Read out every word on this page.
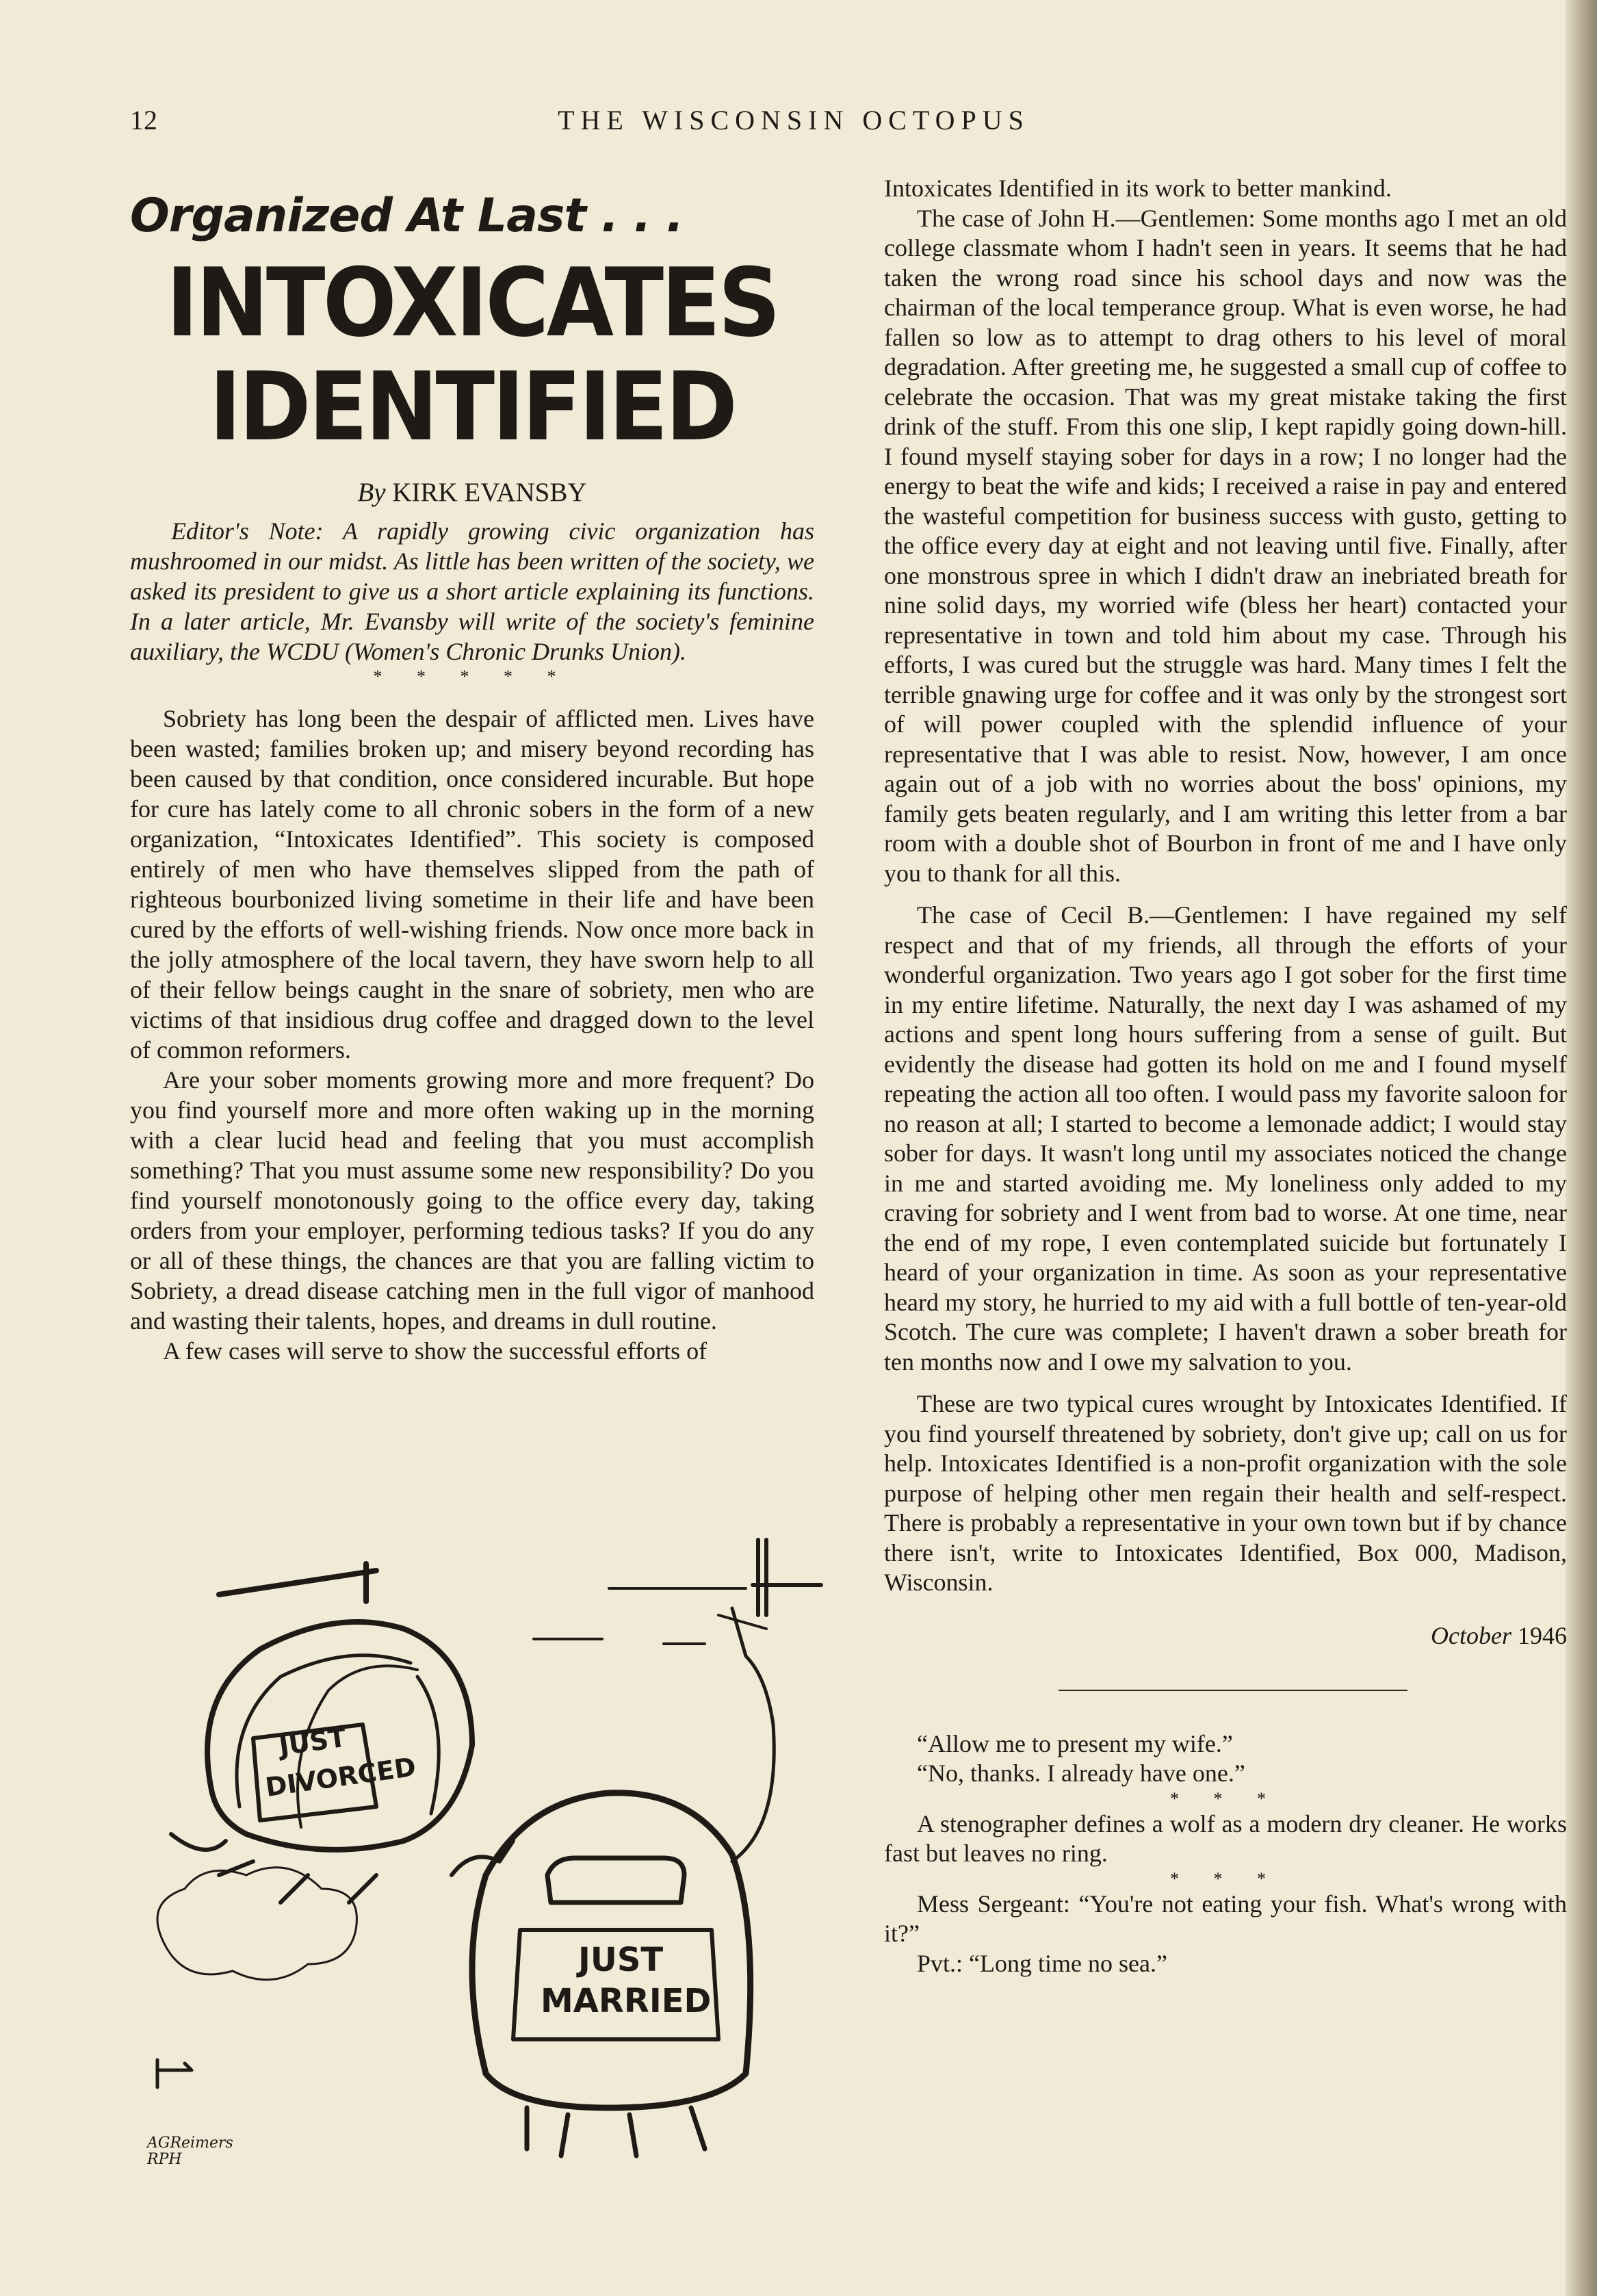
12	THE WISCONSIN OCTOPUS
Organized At Last . . .
INTOXICATES
IDENTIFIED
By KIRK EVANSBY

Editor's Note: A rapidly growing civic organization has mushroomed in our midst. As little has been written of the society, we asked its president to give us a short article explaining its functions. In a later article, Mr. Evansby will write of the society's feminine auxiliary, the WCDU (Women's Chronic Drunks Union).

* * * * *

Sobriety has long been the despair of afflicted men. Lives have been wasted; families broken up; and misery beyond recording has been caused by that condition, once considered incurable. But hope for cure has lately come to all chronic sobers in the form of a new organization, “Intoxicates Identified”. This society is composed entirely of men who have themselves slipped from the path of righteous bourbonized living sometime in their life and have been cured by the efforts of well-wishing friends. Now once more back in the jolly atmosphere of the local tavern, they have sworn help to all of their fellow beings caught in the snare of sobriety, men who are victims of that insidious drug coffee and dragged down to the level of common reformers.

Are your sober moments growing more and more frequent? Do you find yourself more and more often waking up in the morning with a clear lucid head and feeling that you must accomplish something? That you must assume some new responsibility? Do you find yourself monotonously going to the office every day, taking orders from your employer, performing tedious tasks? If you do any or all of these things, the chances are that you are falling victim to Sobriety, a dread disease catching men in the full vigor of manhood and wasting their talents, hopes, and dreams in dull routine.

A few cases will serve to show the successful efforts of

JUST
DIVORCED
JUST
MARRIED
AGReimers
RPH

Intoxicates Identified in its work to better mankind.

The case of John H.—Gentlemen: Some months ago I met an old college classmate whom I hadn't seen in years. It seems that he had taken the wrong road since his school days and now was the chairman of the local temperance group. What is even worse, he had fallen so low as to attempt to drag others to his level of moral degradation. After greeting me, he suggested a small cup of coffee to celebrate the occasion. That was my great mistake taking the first drink of the stuff. From this one slip, I kept rapidly going down-hill. I found myself staying sober for days in a row; I no longer had the energy to beat the wife and kids; I received a raise in pay and entered the wasteful competition for business success with gusto, getting to the office every day at eight and not leaving until five. Finally, after one monstrous spree in which I didn't draw an inebriated breath for nine solid days, my worried wife (bless her heart) contacted your representative in town and told him about my case. Through his efforts, I was cured but the struggle was hard. Many times I felt the terrible gnawing urge for coffee and it was only by the strongest sort of will power coupled with the splendid influence of your representative that I was able to resist. Now, however, I am once again out of a job with no worries about the boss' opinions, my family gets beaten regularly, and I am writing this letter from a bar room with a double shot of Bourbon in front of me and I have only you to thank for all this.

The case of Cecil B.—Gentlemen: I have regained my self respect and that of my friends, all through the efforts of your wonderful organization. Two years ago I got sober for the first time in my entire lifetime. Naturally, the next day I was ashamed of my actions and spent long hours suffering from a sense of guilt. But evidently the disease had gotten its hold on me and I found myself repeating the action all too often. I would pass my favorite saloon for no reason at all; I started to become a lemonade addict; I would stay sober for days. It wasn't long until my associates noticed the change in me and started avoiding me. My loneliness only added to my craving for sobriety and I went from bad to worse. At one time, near the end of my rope, I even contemplated suicide but fortunately I heard of your organization in time. As soon as your representative heard my story, he hurried to my aid with a full bottle of ten-year-old Scotch. The cure was complete; I haven't drawn a sober breath for ten months now and I owe my salvation to you.

These are two typical cures wrought by Intoxicates Identified. If you find yourself threatened by sobriety, don't give up; call on us for help. Intoxicates Identified is a non-profit organization with the sole purpose of helping other men regain their health and self-respect. There is probably a representative in your own town but if by chance there isn't, write to Intoxicates Identified, Box 000, Madison, Wisconsin.

October 1946

“Allow me to present my wife.”

“No, thanks. I already have one.”

* * *

A stenographer defines a wolf as a modern dry cleaner. He works fast but leaves no ring.

* * *

Mess Sergeant: “You're not eating your fish. What's wrong with it?”

Pvt.: “Long time no sea.”
